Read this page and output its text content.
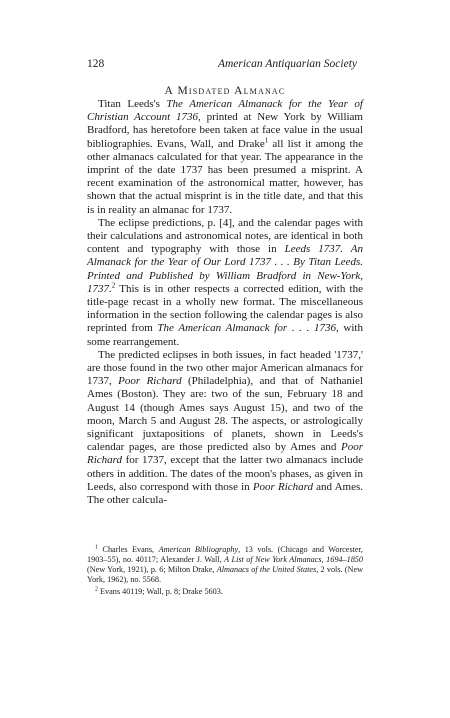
128	American Antiquarian Society
A Misdated Almanac

Titan Leeds's The American Almanack for the Year of Christian Account 1736, printed at New York by William Bradford, has heretofore been taken at face value in the usual bibliographies. Evans, Wall, and Drake$^1$ all list it among the other almanacs calculated for that year. The appearance in the imprint of the date 1737 has been presumed a misprint. A recent examination of the astronomical matter, however, has shown that the actual misprint is in the title date, and that this is in reality an almanac for 1737.

The eclipse predictions, p. [4], and the calendar pages with their calculations and astronomical notes, are identical in both content and typography with those in Leeds 1737. An Almanack for the Year of Our Lord 1737 . . . By Titan Leeds. Printed and Published by William Bradford in New-York, 1737.$^2$ This is in other respects a corrected edition, with the title-page recast in a wholly new format. The miscellaneous information in the section following the calendar pages is also reprinted from The American Almanack for . . . 1736, with some rearrangement.

The predicted eclipses in both issues, in fact headed '1737,' are those found in the two other major American almanacs for 1737, Poor Richard (Philadelphia), and that of Nathaniel Ames (Boston). They are: two of the sun, February 18 and August 14 (though Ames says August 15), and two of the moon, March 5 and August 28. The aspects, or astrologically significant juxtapositions of planets, shown in Leeds's calendar pages, are those predicted also by Ames and Poor Richard for 1737, except that the latter two almanacs include others in addition. The dates of the moon's phases, as given in Leeds, also correspond with those in Poor Richard and Ames. The other calcula-

$^1$ Charles Evans, American Bibliography, 13 vols. (Chicago and Worcester, 1903–55), no. 40117; Alexander J. Wall, A List of New York Almanacs, 1694–1850 (New York, 1921), p. 6; Milton Drake, Almanacs of the United States, 2 vols. (New York, 1962), no. 5568.

$^2$ Evans 40119; Wall, p. 8; Drake 5603.
